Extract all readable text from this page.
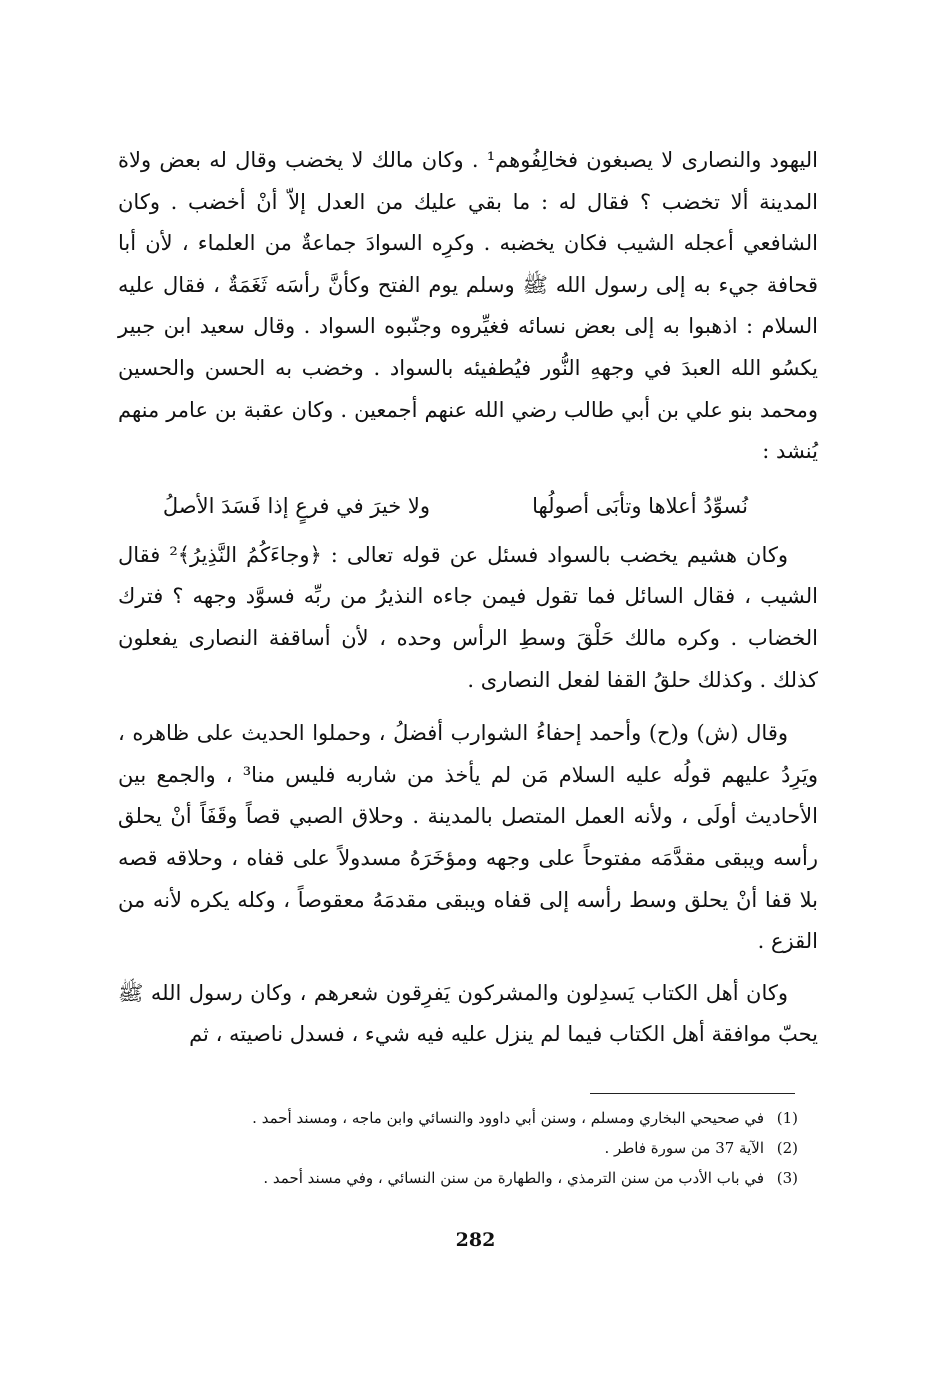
اليهود والنصارى لا يصبغون فخالِفُوهم¹ . وكان مالك لا يخضب وقال له بعض ولاة المدينة ألا تخضب ؟ فقال له : ما بقي عليك من العدل إلاّ أنْ أخضب . وكان الشافعي أعجله الشيب فكان يخضبه . وكرِه السوادَ جماعةٌ من العلماء ، لأن أبا قحافة جيء به إلى رسول الله ﷺ وسلم يوم الفتح وكأنَّ رأسَه ثَغَمَةٌ ، فقال عليه السلام : اذهبوا به إلى بعض نسائه فغيِّروه وجنّبوه السواد . وقال سعيد ابن جبير يكسُو الله العبدَ في وجههِ النُّور فيُطفيئه بالسواد . وخضب به الحسن والحسين ومحمد بنو علي بن أبي طالب رضي الله عنهم أجمعين . وكان عقبة بن عامر منهم يُنشد :

نُسوِّدُ أعلاها وتأبَى أصولُها
ولا خيرَ في فرعٍ إذا فَسَدَ الأصلُ

وكان هشيم يخضب بالسواد فسئل عن قوله تعالى : ﴿وجاءَكُمُ النَّذِيرُ﴾² فقال الشيب ، فقال السائل فما تقول فيمن جاءه النذيرُ من ربِّه فسوَّد وجهه ؟ فترك الخضاب . وكره مالك حَلْقَ وسطِ الرأس وحده ، لأن أساقفة النصارى يفعلون كذلك . وكذلك حلقُ القفا لفعل النصارى .

وقال (ش) و(ح) وأحمد إحفاءُ الشوارب أفضلُ ، وحملوا الحديث على ظاهره ، ويَرِدُ عليهم قولُه عليه السلام مَن لم يأخذ من شاربه فليس منا³ ، والجمع بين الأحاديث أولَى ، ولأنه العمل المتصل بالمدينة . وحلاق الصبي قصاً وقَفَاً أنْ يحلق رأسه ويبقى مقدَّمَه مفتوحاً على وجهه ومؤخَرَهُ مسدولاً على قفاه ، وحلاقه قصه بلا قفا أنْ يحلق وسط رأسه إلى قفاه ويبقى مقدمَهُ معقوصاً ، وكله يكره لأنه من القزع .

وكان أهل الكتاب يَسدِلون والمشركون يَفرِقون شعرهم ، وكان رسول الله ﷺ يحبّ موافقة أهل الكتاب فيما لم ينزل عليه فيه شيء ، فسدل ناصيته ، ثم

(1)
في صحيحي البخاري ومسلم ، وسنن أبي داوود والنسائي وابن ماجه ، ومسند أحمد .
(2)
الآية 37 من سورة فاطر .
(3)
في باب الأدب من سنن الترمذي ، والطهارة من سنن النسائي ، وفي مسند أحمد .
282
